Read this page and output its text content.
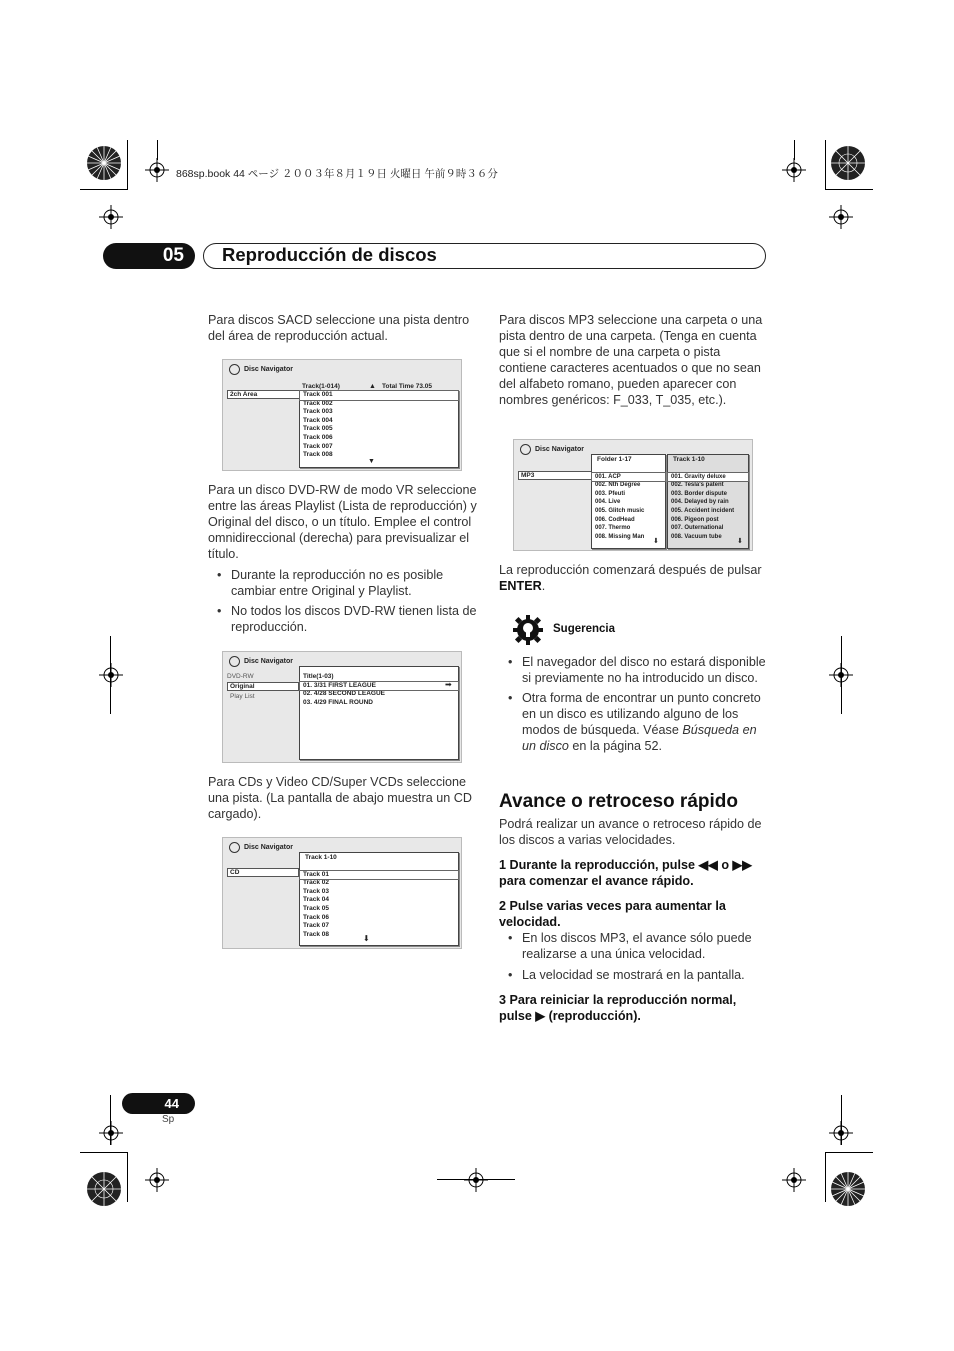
868sp.book 44 ページ ２００３年８月１９日 火曜日 午前９時３６分
05	Reproducción de discos
Para discos SACD seleccione una pista dentro del área de reproducción actual.
Disc Navigator
2ch Area
Track(1-014)	▲ Total Time 73.05
Track 001
Track 002
Track 003
Track 004
Track 005
Track 006
Track 007
Track 008
▼
Para un disco DVD-RW de modo VR seleccione entre las áreas Playlist (Lista de reproducción) y Original del disco, o un título. Emplee el control omnidireccional (derecha) para previsualizar el título.
• Durante la reproducción no es posible cambiar entre Original y Playlist.
• No todos los discos DVD-RW tienen lista de reproducción.
Disc Navigator
DVD-RW
Original
Play List
Title(1-03)
01. 3/31 FIRST LEAGUE
02. 4/28 SECOND LEAGUE
03. 4/29 FINAL ROUND
➡
Para CDs y Video CD/Super VCDs seleccione una pista. (La pantalla de abajo muestra un CD cargado).
Disc Navigator
CD
Track 1-10
Track 01
Track 02
Track 03
Track 04
Track 05
Track 06
Track 07
Track 08	⬇
Para discos MP3 seleccione una carpeta o una pista dentro de una carpeta. (Tenga en cuenta que si el nombre de una carpeta o pista contiene caracteres acentuados o que no sean del alfabeto romano, pueden aparecer con nombres genéricos: F_033, T_035, etc.).
Disc Navigator
MP3
Folder 1-17
001. ACP
002. Nth Degree
003. Pfeuti
004. Live
005. Glitch music
006. CodHead
007. Thermo
008. Missing Man
⬇
Track 1-10
001. Gravity deluxe
002. Tesla's patent
003. Border dispute
004. Delayed by rain
005. Accident incident
006. Pigeon post
007. Outernational
008. Vacuum tube
⬇
La reproducción comenzará después de pulsar ENTER.
Sugerencia
• El navegador del disco no estará disponible si previamente no ha introducido un disco.
• Otra forma de encontrar un punto concreto en un disco es utilizando alguno de los modos de búsqueda. Véase Búsqueda en un disco en la página 52.
Avance o retroceso rápido
Podrá realizar un avance o retroceso rápido de los discos a varias velocidades.
1 Durante la reproducción, pulse ◀◀ o ▶▶ para comenzar el avance rápido.
2 Pulse varias veces para aumentar la velocidad.
• En los discos MP3, el avance sólo puede realizarse a una única velocidad.
• La velocidad se mostrará en la pantalla.
3 Para reiniciar la reproducción normal, pulse ▶ (reproducción).
44
Sp
